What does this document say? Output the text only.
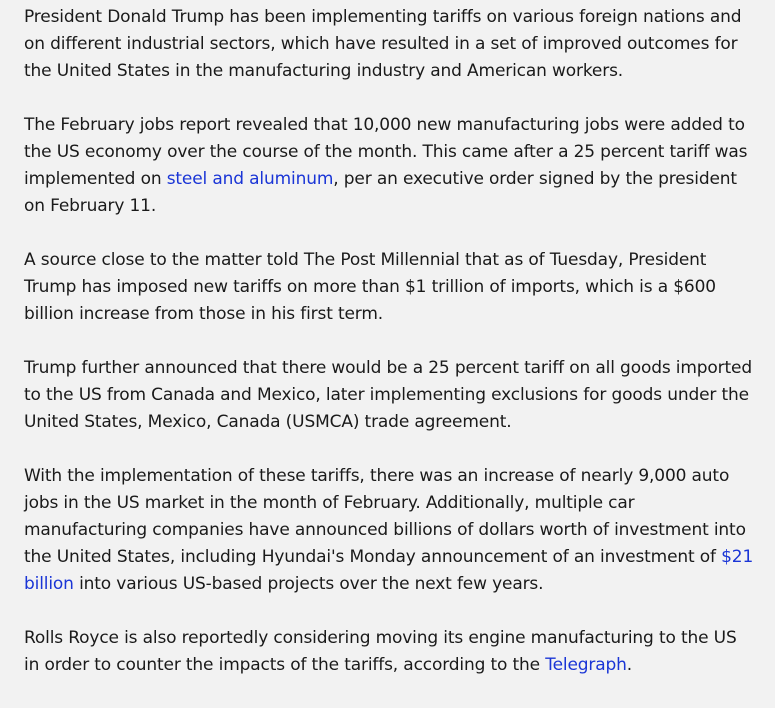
President Donald Trump has been implementing tariffs on various foreign nations and on different industrial sectors, which have resulted in a set of improved outcomes for the United States in the manufacturing industry and American workers.

The February jobs report revealed that 10,000 new manufacturing jobs were added to the US economy over the course of the month. This came after a 25 percent tariff was implemented on steel and aluminum, per an executive order signed by the president on February 11.

A source close to the matter told The Post Millennial that as of Tuesday, President Trump has imposed new tariffs on more than $1 trillion of imports, which is a $600 billion increase from those in his first term.

Trump further announced that there would be a 25 percent tariff on all goods imported to the US from Canada and Mexico, later implementing exclusions for goods under the United States, Mexico, Canada (USMCA) trade agreement.

With the implementation of these tariffs, there was an increase of nearly 9,000 auto jobs in the US market in the month of February. Additionally, multiple car manufacturing companies have announced billions of dollars worth of investment into the United States, including Hyundai's Monday announcement of an investment of $21 billion into various US-based projects over the next few years.

Rolls Royce is also reportedly considering moving its engine manufacturing to the US in order to counter the impacts of the tariffs, according to the Telegraph.
